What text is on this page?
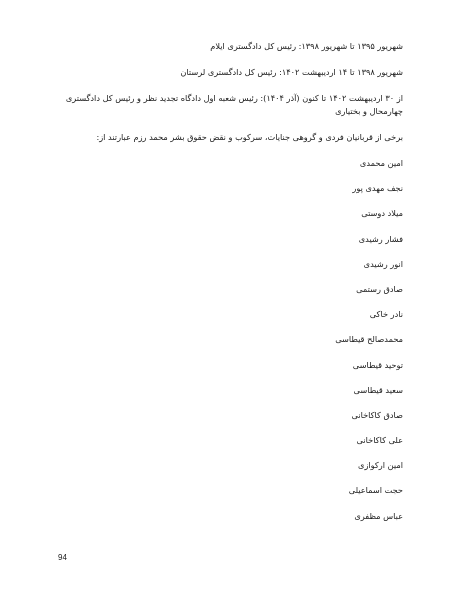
شهریور ۱۳۹۵ تا شهریور ۱۳۹۸: رئیس کل دادگستری ایلام

شهریور ۱۳۹۸ تا ۱۴ اردیبهشت ۱۴۰۲: رئیس کل دادگستری لرستان

از ۳۰ اردیبهشت ۱۴۰۲ تا کنون (آذر ۱۴۰۴): رئیس شعبه اول دادگاه تجدید نظر و رئیس کل دادگستری چهارمحال و بختیاری

برخی از قربانیان فردی و گروهی جنایات، سرکوب و نقض حقوق بشر محمد رزم عبارتند از:

امین محمدی
نجف مهدی پور
میلاد دوستی
فشار رشیدی
انور رشیدی
صادق رستمی
نادر خاکی
محمدصالح قیطاسی
توحید قیطاسی
سعید قیطاسی
صادق کاکاخانی
علی کاکاخانی
امین ارکوازی
حجت اسماعیلی
عباس مظفری
94
